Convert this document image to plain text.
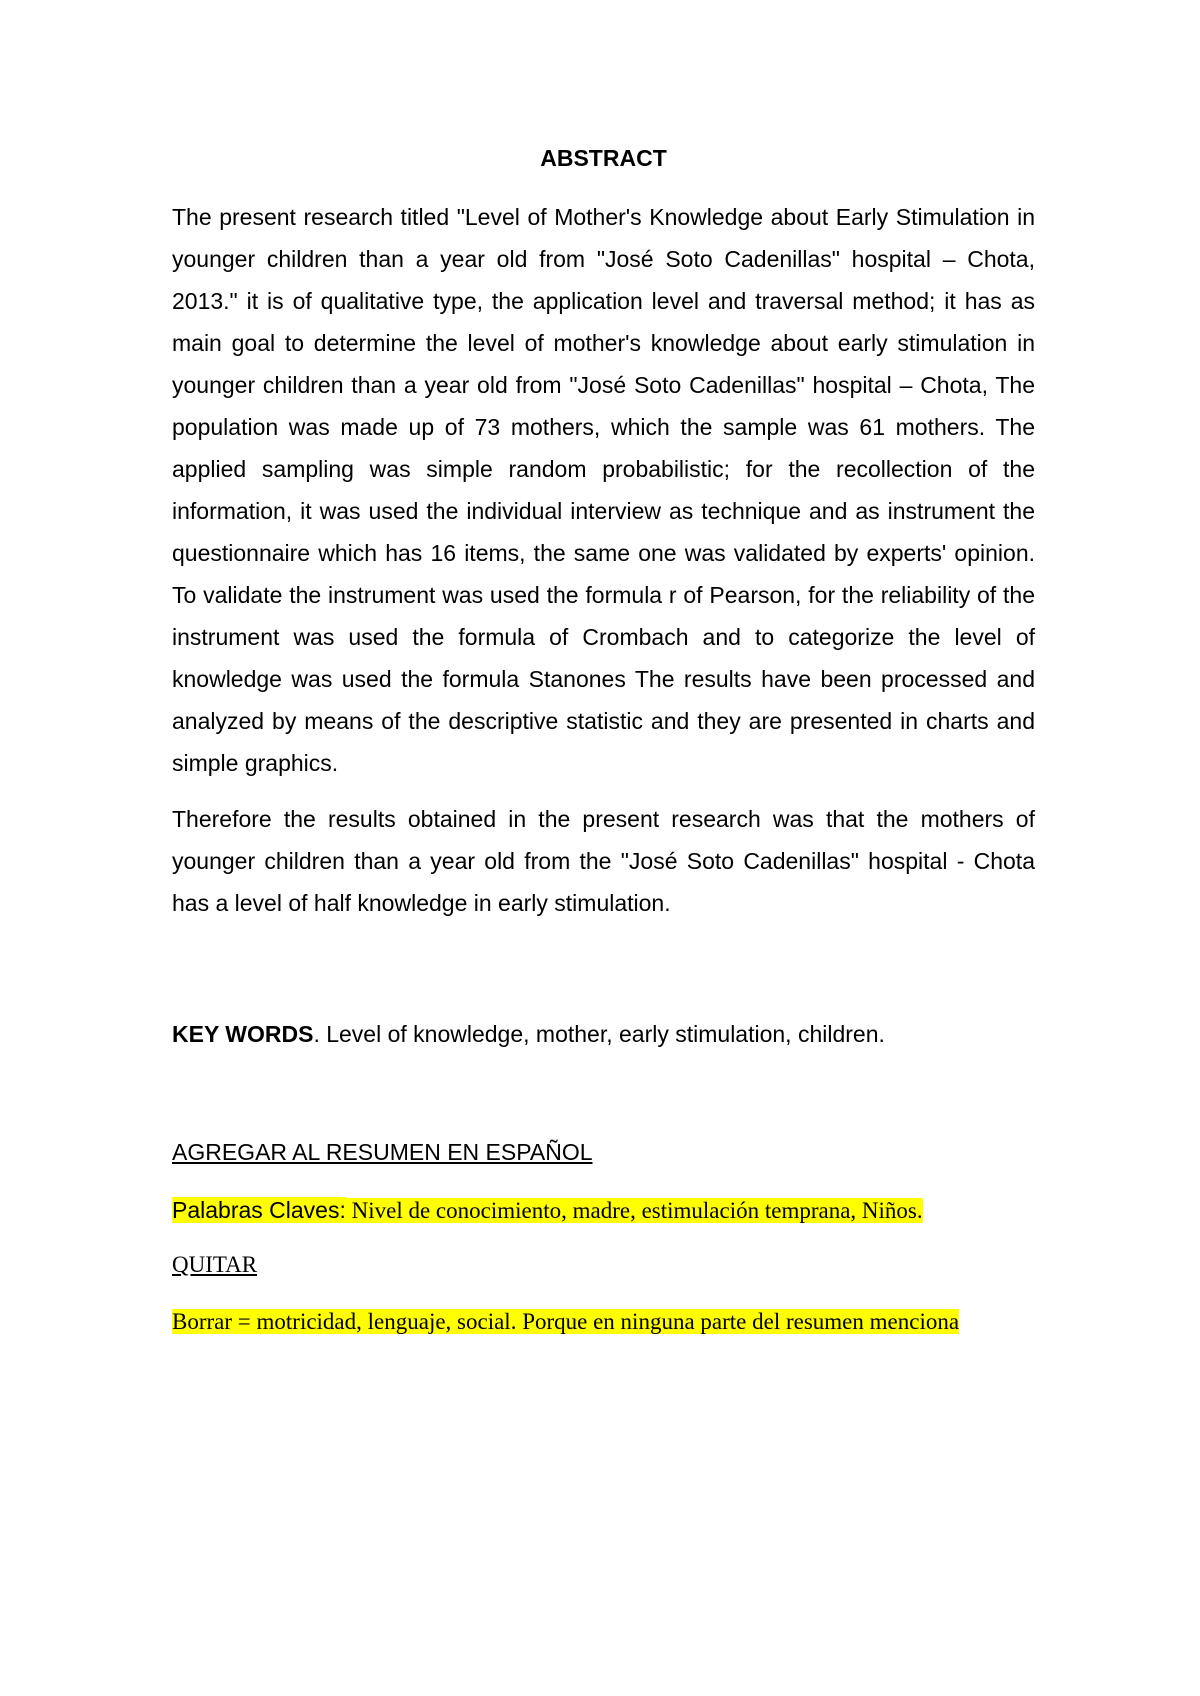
ABSTRACT

The present research titled "Level of Mother's Knowledge about Early Stimulation in younger children than a year old from "José Soto Cadenillas" hospital – Chota, 2013." it is of qualitative type, the application level and traversal method; it has as main goal to determine the level of mother's knowledge about early stimulation in younger children than a year old from "José Soto Cadenillas" hospital – Chota, The population was made up of 73 mothers, which the sample was 61 mothers. The applied sampling was simple random probabilistic; for the recollection of the information, it was used the individual interview as technique and as instrument the questionnaire which has 16 items, the same one was validated by experts' opinion. To validate the instrument was used the formula r of Pearson, for the reliability of the instrument was used the formula of Crombach and to categorize the level of knowledge was used the formula Stanones The results have been processed and analyzed by means of the descriptive statistic and they are presented in charts and simple graphics.

Therefore the results obtained in the present research was that the mothers of younger children than a year old from the "José Soto Cadenillas" hospital - Chota has a level of half knowledge in early stimulation.

KEY WORDS. Level of knowledge, mother, early stimulation, children.
AGREGAR AL RESUMEN EN ESPAÑOL
Palabras Claves: Nivel de conocimiento, madre, estimulación temprana, Niños.
QUITAR
Borrar = motricidad, lenguaje, social. Porque en ninguna parte del resumen menciona
